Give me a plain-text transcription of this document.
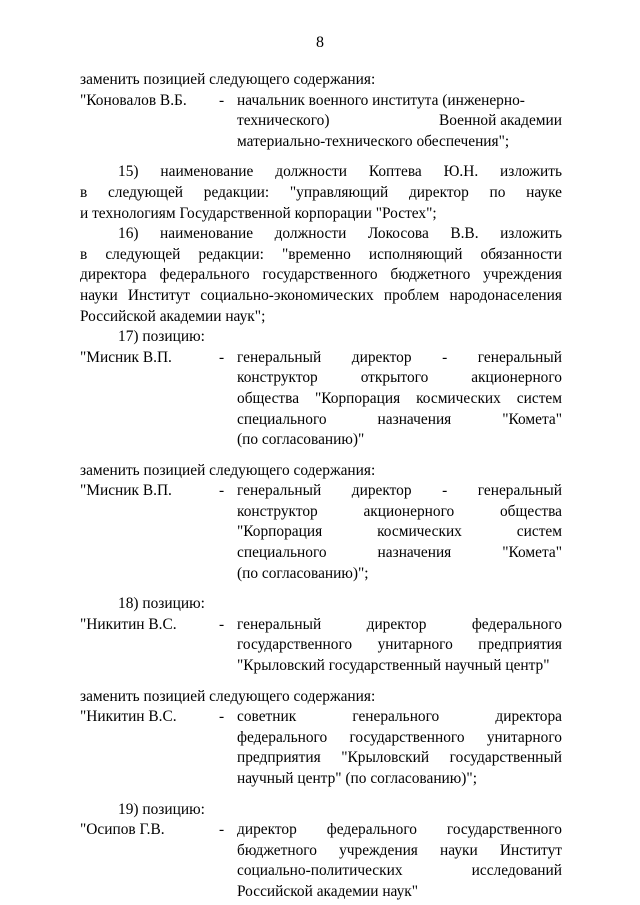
8

заменить позицией следующего содержания:

"Коновалов В.Б.	- начальник военного института (инженерно-
технического)	Военной академии
материально-технического обеспечения";
15) наименование должности Коптева Ю.Н. изложить
в следующей редакции: "управляющий директор по науке
и технологиям Государственной корпорации "Ростех";
16) наименование должности Локосова В.В. изложить
в следующей редакции: "временно исполняющий обязанности
директора федерального государственного бюджетного учреждения
науки Институт социально-экономических проблем народонаселения
Российской академии наук";
17) позицию:
"Мисник В.П.	- генеральный директор - генеральный
конструктор открытого акционерного
общества "Корпорация космических систем
специального назначения "Комета"
(по согласованию)"

заменить позицией следующего содержания:

"Мисник В.П.	- генеральный директор - генеральный
конструктор акционерного общества
"Корпорация космических систем
специального назначения "Комета"
(по согласованию)";
18) позицию:
"Никитин В.С.	- генеральный директор федерального
государственного унитарного предприятия
"Крыловский государственный научный центр"

заменить позицией следующего содержания:

"Никитин В.С.	- советник генерального директора
федерального государственного унитарного
предприятия "Крыловский государственный
научный центр" (по согласованию)";
19) позицию:
"Осипов Г.В.	- директор федерального государственного
бюджетного учреждения науки Институт
социально-политических исследований
Российской академии наук"
